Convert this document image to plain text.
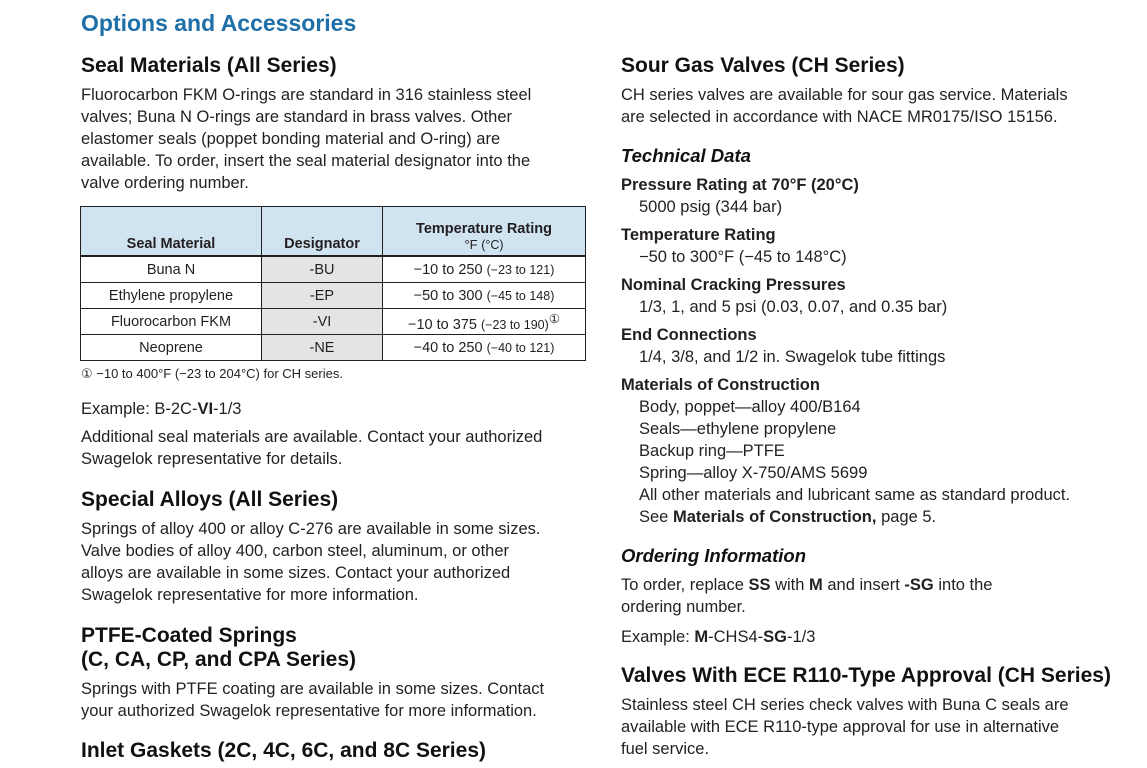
Options and Accessories
Seal Materials (All Series)
Fluorocarbon FKM O-rings are standard in 316 stainless steel
valves; Buna N O-rings are standard in brass valves. Other
elastomer seals (poppet bonding material and O-ring) are
available. To order, insert the seal material designator into the
valve ordering number.
Seal Material	Designator	Temperature Rating
°F (°C)

Buna N	-BU	−10 to 250 (−23 to 121)
Ethylene propylene	-EP	−50 to 300 (−45 to 148)
Fluorocarbon FKM	-VI	−10 to 375 (−23 to 190)①
Neoprene	-NE	−40 to 250 (−40 to 121)
① −10 to 400°F (−23 to 204°C) for CH series.
Example: B-2C-VI-1/3
Additional seal materials are available. Contact your authorized
Swagelok representative for details.
Special Alloys (All Series)
Springs of alloy 400 or alloy C-276 are available in some sizes.
Valve bodies of alloy 400, carbon steel, aluminum, or other
alloys are available in some sizes. Contact your authorized
Swagelok representative for more information.
PTFE-Coated Springs
(C, CA, CP, and CPA Series)
Springs with PTFE coating are available in some sizes. Contact
your authorized Swagelok representative for more information.
Inlet Gaskets (2C, 4C, 6C, and 8C Series)
Sour Gas Valves (CH Series)
CH series valves are available for sour gas service. Materials
are selected in accordance with NACE MR0175/ISO 15156.
Technical Data
Pressure Rating at 70°F (20°C)
5000 psig (344 bar)
Temperature Rating
−50 to 300°F (−45 to 148°C)
Nominal Cracking Pressures
1/3, 1, and 5 psi (0.03, 0.07, and 0.35 bar)
End Connections
1/4, 3/8, and 1/2 in. Swagelok tube fittings
Materials of Construction
Body, poppet—alloy 400/B164
Seals—ethylene propylene
Backup ring—PTFE
Spring—alloy X-750/AMS 5699
All other materials and lubricant same as standard product.
See Materials of Construction, page 5.
Ordering Information
To order, replace SS with M and insert -SG into the
ordering number.
Example: M-CHS4-SG-1/3
Valves With ECE R110-Type Approval (CH Series)
Stainless steel CH series check valves with Buna C seals are
available with ECE R110-type approval for use in alternative
fuel service.
